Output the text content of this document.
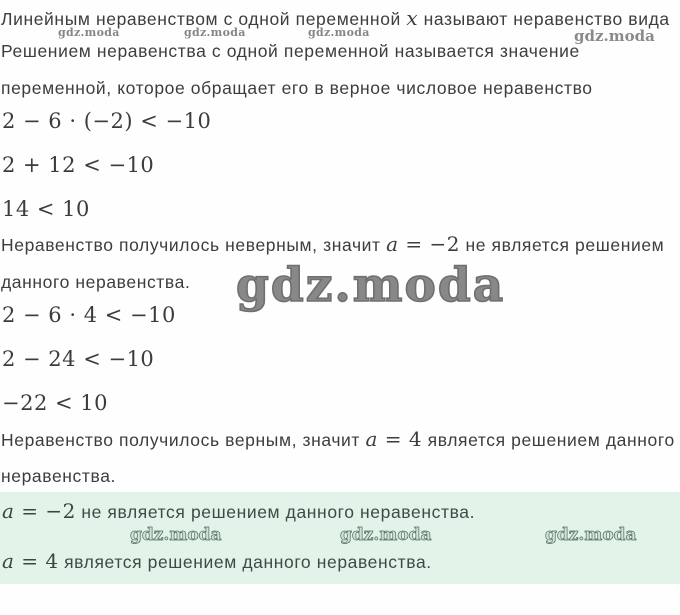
Линейным неравенством с одной переменной x называют неравенство вида
gdz.moda	gdz.moda	gdz.moda	gdz.moda
Решением неравенства с одной переменной называется значение
переменной, которое обращает его в верное числовое неравенство
2 − 6 · (−2) < −10
2 + 12 < −10
14 < 10
Неравенство получилось неверным, значит a = −2 не является решением
данного неравенства. gdz.moda
2 − 6 · 4 < −10
2 − 24 < −10
−22 < 10
Неравенство получилось верным, значит a = 4 является решением данного
неравенства.
a = −2 не является решением данного неравенства.
gdz.moda	gdz.moda	gdz.moda
a = 4 является решением данного неравенства.
